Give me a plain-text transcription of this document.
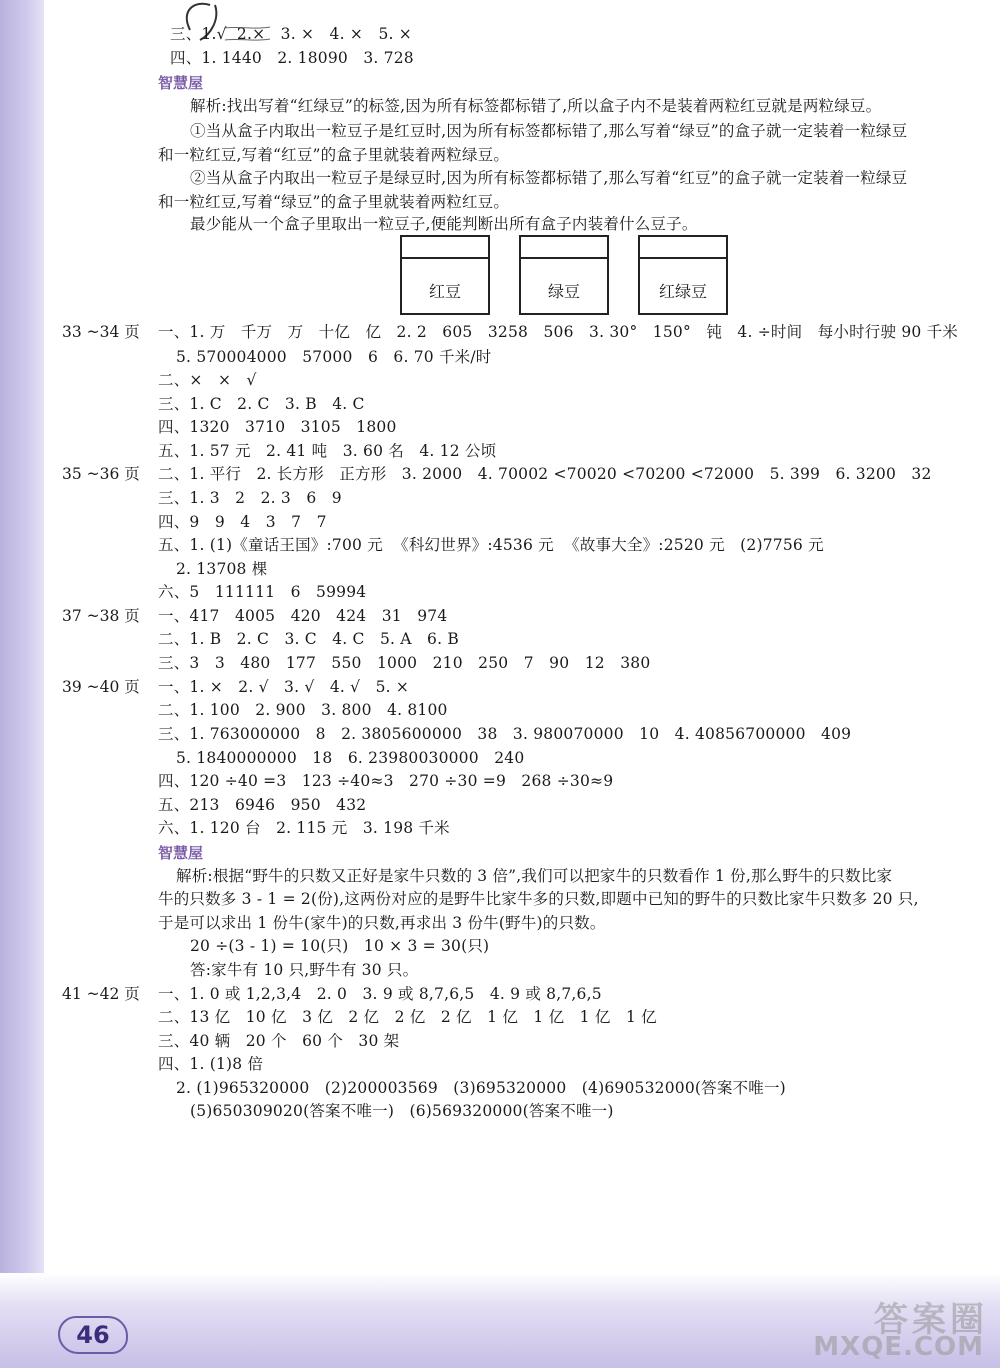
三、1.√  2.×   3. ×   4. ×   5. ×
四、1. 1440   2. 18090   3. 728
智慧屋
解析:找出写着“红绿豆”的标签,因为所有标签都标错了,所以盒子内不是装着两粒红豆就是两粒绿豆。
①当从盒子内取出一粒豆子是红豆时,因为所有标签都标错了,那么写着“绿豆”的盒子就一定装着一粒绿豆
和一粒红豆,写着“红豆”的盒子里就装着两粒绿豆。
②当从盒子内取出一粒豆子是绿豆时,因为所有标签都标错了,那么写着“红豆”的盒子就一定装着一粒绿豆
和一粒红豆,写着“绿豆”的盒子里就装着两粒红豆。
最少能从一个盒子里取出一粒豆子,便能判断出所有盒子内装着什么豆子。
红豆	绿豆	红绿豆
33 ~34 页 一、1. 万   千万   万   十亿   亿   2. 2   605   3258   506   3. 30°   150°   钝   4. ÷时间   每小时行驶 90 千米
5. 570004000   57000   6   6. 70 千米/时
二、×   ×   √
三、1. C   2. C   3. B   4. C
四、1320   3710   3105   1800
五、1. 57 元   2. 41 吨   3. 60 名   4. 12 公顷
35 ~36 页 二、1. 平行   2. 长方形   正方形   3. 2000   4. 70002 <70020 <70200 <72000   5. 399   6. 3200   32
三、1. 3   2   2. 3   6   9
四、9   9   4   3   7   7
五、1. (1)《童话王国》:700 元  《科幻世界》:4536 元  《故事大全》:2520 元   (2)7756 元
2. 13708 棵
六、5   111111   6   59994
37 ~38 页 一、417   4005   420   424   31   974
二、1. B   2. C   3. C   4. C   5. A   6. B
三、3   3   480   177   550   1000   210   250   7   90   12   380
39 ~40 页 一、1. ×   2. √   3. √   4. √   5. ×
二、1. 100   2. 900   3. 800   4. 8100
三、1. 763000000   8   2. 3805600000   38   3. 980070000   10   4. 40856700000   409
5. 1840000000   18   6. 23980030000   240
四、120 ÷40 =3   123 ÷40≈3   270 ÷30 =9   268 ÷30≈9
五、213   6946   950   432
六、1. 120 台   2. 115 元   3. 198 千米
智慧屋
解析:根据“野牛的只数又正好是家牛只数的 3 倍”,我们可以把家牛的只数看作 1 份,那么野牛的只数比家
牛的只数多 3 - 1 = 2(份),这两份对应的是野牛比家牛多的只数,即题中已知的野牛的只数比家牛只数多 20 只,
于是可以求出 1 份牛(家牛)的只数,再求出 3 份牛(野牛)的只数。
20 ÷(3 - 1) = 10(只)   10 × 3 = 30(只)
答:家牛有 10 只,野牛有 30 只。
41 ~42 页 一、1. 0 或 1,2,3,4   2. 0   3. 9 或 8,7,6,5   4. 9 或 8,7,6,5
二、13 亿   10 亿   3 亿   2 亿   2 亿   2 亿   1 亿   1 亿   1 亿   1 亿
三、40 辆   20 个   60 个   30 架
四、1. (1)8 倍
2. (1)965320000   (2)200003569   (3)695320000   (4)690532000(答案不唯一)
(5)650309020(答案不唯一)   (6)569320000(答案不唯一)
46	答案圈
MXQE.COM
